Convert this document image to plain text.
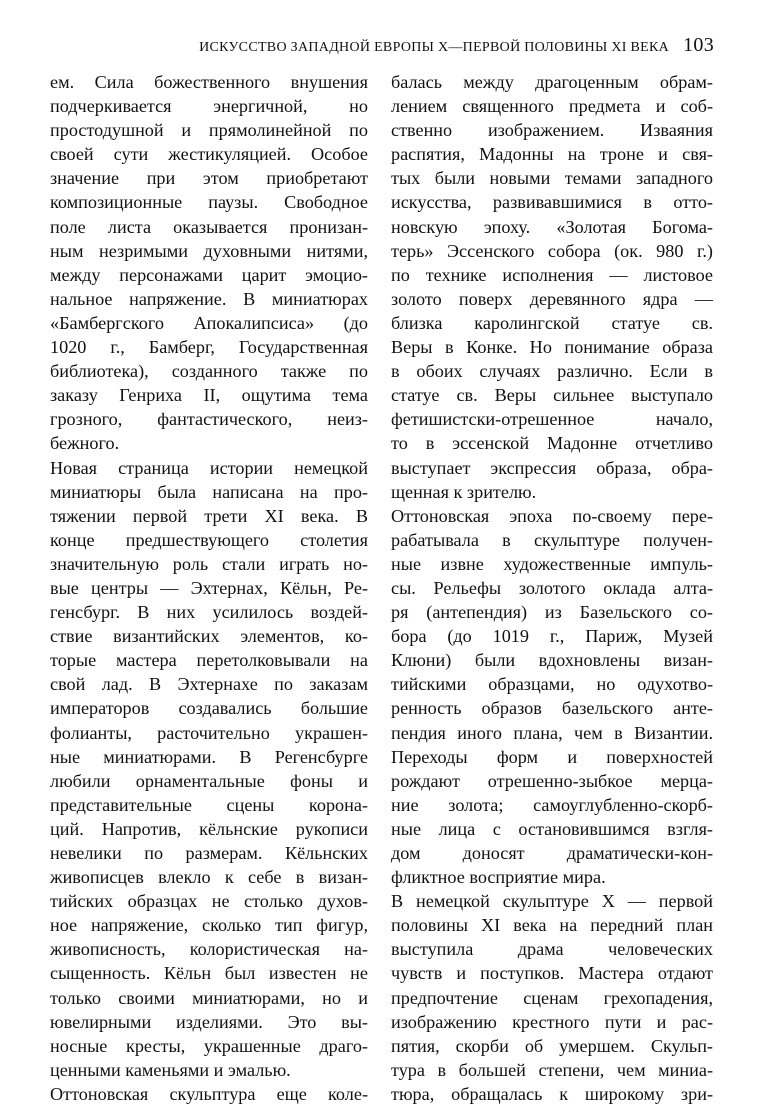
ИСКУССТВО ЗАПАДНОЙ ЕВРОПЫ X—ПЕРВОЙ ПОЛОВИНЫ XI ВЕКА 103
ем. Сила божественного внушения
подчеркивается энергичной, но
простодушной и прямолинейной по
своей сути жестикуляцией. Особое
значение при этом приобретают
композиционные паузы. Свободное
поле листа оказывается пронизан-
ным незримыми духовными нитями,
между персонажами царит эмоцио-
нальное напряжение. В миниатюрах
«Бамбергского Апокалипсиса» (до
1020 г., Бамберг, Государственная
библиотека), созданного также по
заказу Генриха II, ощутима тема
грозного, фантастического, неиз-
бежного.
Новая страница истории немецкой
миниатюры была написана на про-
тяжении первой трети XI века. В
конце предшествующего столетия
значительную роль стали играть но-
вые центры — Эхтернах, Кёльн, Ре-
генсбург. В них усилилось воздей-
ствие византийских элементов, ко-
торые мастера перетолковывали на
свой лад. В Эхтернахе по заказам
императоров создавались большие
фолианты, расточительно украшен-
ные миниатюрами. В Регенсбурге
любили орнаментальные фоны и
представительные сцены корона-
ций. Напротив, кёльнские рукописи
невелики по размерам. Кёльнских
живописцев влекло к себе в визан-
тийских образцах не столько духов-
ное напряжение, сколько тип фигур,
живописность, колористическая на-
сыщенность. Кёльн был известен не
только своими миниатюрами, но и
ювелирными изделиями. Это вы-
носные кресты, украшенные драго-
ценными каменьями и эмалью.
Оттоновская скульптура еще коле-
балась между драгоценным обрам-
лением священного предмета и соб-
ственно изображением. Изваяния
распятия, Мадонны на троне и свя-
тых были новыми темами западного
искусства, развивавшимися в отто-
новскую эпоху. «Золотая Богома-
терь» Эссенского собора (ок. 980 г.)
по технике исполнения — листовое
золото поверх деревянного ядра —
близка каролингской статуе св.
Веры в Конке. Но понимание образа
в обоих случаях различно. Если в
статуе св. Веры сильнее выступало
фетишистски-отрешенное начало,
то в эссенской Мадонне отчетливо
выступает экспрессия образа, обра-
щенная к зрителю.
Оттоновская эпоха по-своему пере-
рабатывала в скульптуре получен-
ные извне художественные импуль-
сы. Рельефы золотого оклада алта-
ря (антепендия) из Базельского со-
бора (до 1019 г., Париж, Музей
Клюни) были вдохновлены визан-
тийскими образцами, но одухотво-
ренность образов базельского анте-
пендия иного плана, чем в Византии.
Переходы форм и поверхностей
рождают отрешенно-зыбкое мерца-
ние золота; самоуглубленно-скорб-
ные лица с остановившимся взгля-
дом доносят драматически-кон-
фликтное восприятие мира.
В немецкой скульптуре X — первой
половины XI века на передний план
выступила драма человеческих
чувств и поступков. Мастера отдают
предпочтение сценам грехопадения,
изображению крестного пути и рас-
пятия, скорби об умершем. Скульп-
тура в большей степени, чем миниа-
тюра, обращалась к широкому зри-
